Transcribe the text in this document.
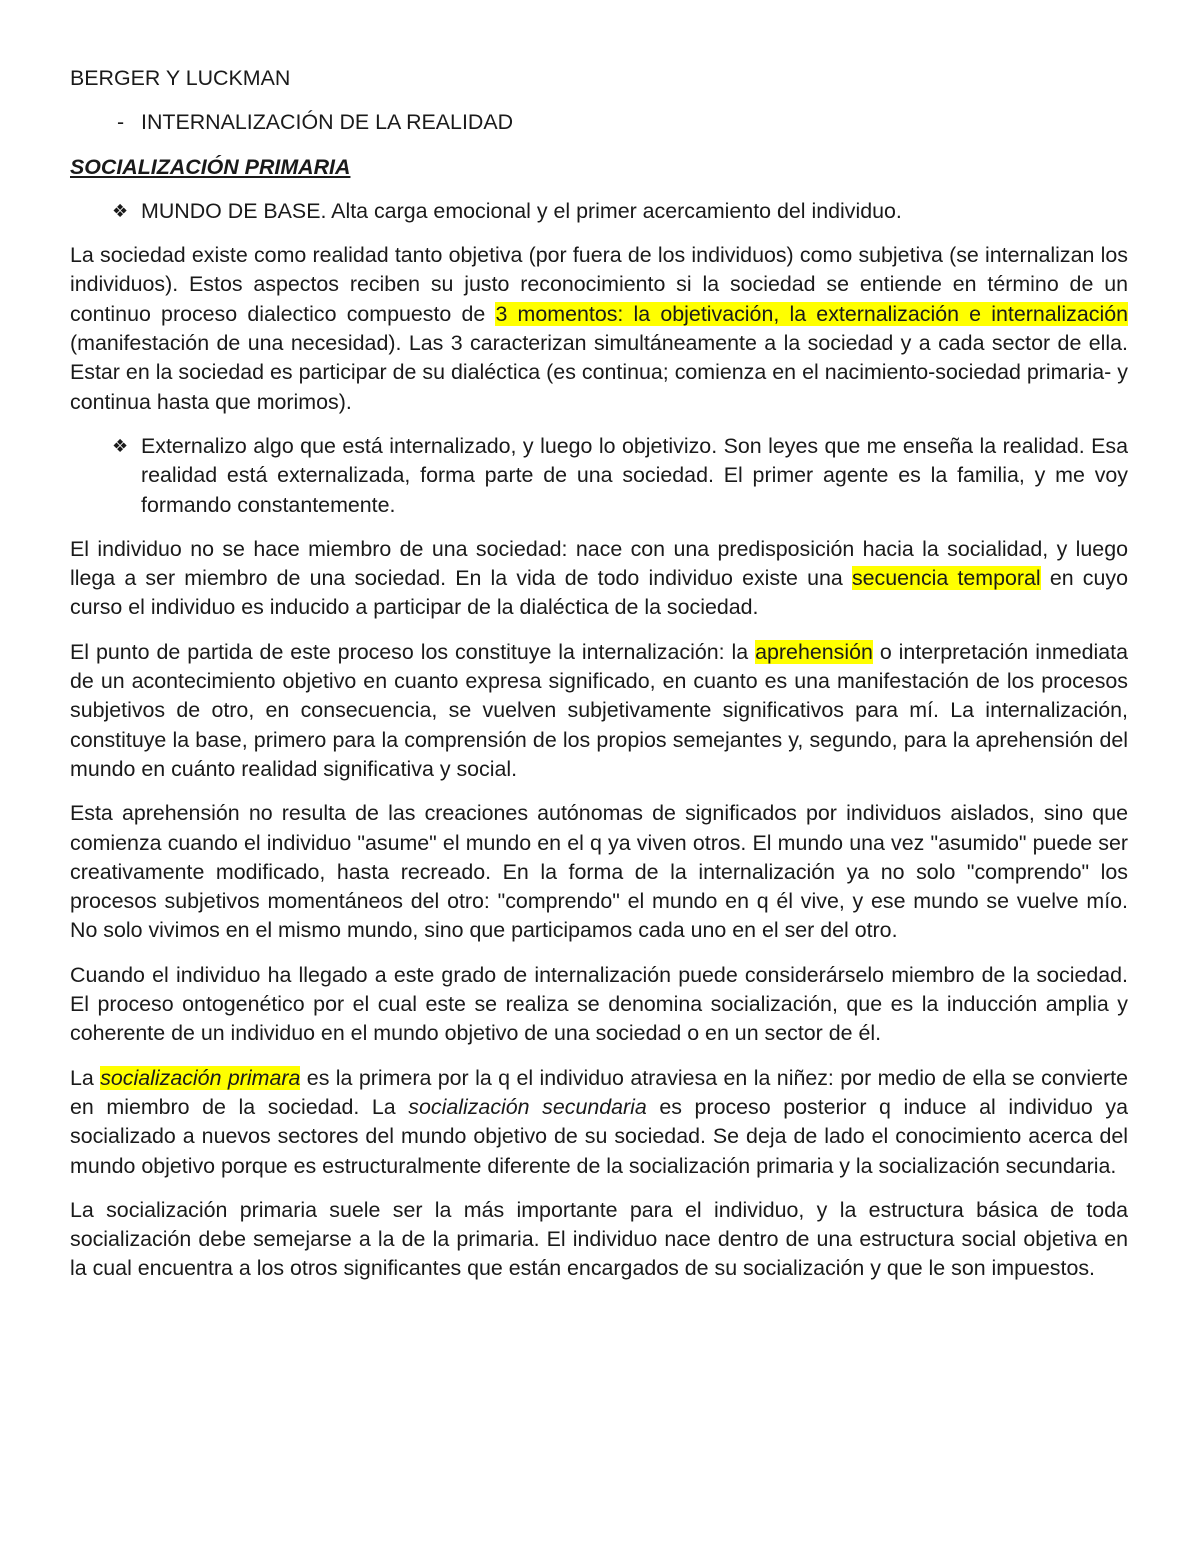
BERGER Y LUCKMAN

- INTERNALIZACIÓN DE LA REALIDAD

SOCIALIZACIÓN PRIMARIA

❖ MUNDO DE BASE. Alta carga emocional y el primer acercamiento del individuo.

La sociedad existe como realidad tanto objetiva (por fuera de los individuos) como subjetiva (se internalizan los individuos). Estos aspectos reciben su justo reconocimiento si la sociedad se entiende en término de un continuo proceso dialectico compuesto de 3 momentos: la objetivación, la externalización e internalización (manifestación de una necesidad). Las 3 caracterizan simultáneamente a la sociedad y a cada sector de ella. Estar en la sociedad es participar de su dialéctica (es continua; comienza en el nacimiento-sociedad primaria- y continua hasta que morimos).

❖ Externalizo algo que está internalizado, y luego lo objetivizo. Son leyes que me enseña la realidad. Esa realidad está externalizada, forma parte de una sociedad. El primer agente es la familia, y me voy formando constantemente.

El individuo no se hace miembro de una sociedad: nace con una predisposición hacia la socialidad, y luego llega a ser miembro de una sociedad. En la vida de todo individuo existe una secuencia temporal en cuyo curso el individuo es inducido a participar de la dialéctica de la sociedad.

El punto de partida de este proceso los constituye la internalización: la aprehensión o interpretación inmediata de un acontecimiento objetivo en cuanto expresa significado, en cuanto es una manifestación de los procesos subjetivos de otro, en consecuencia, se vuelven subjetivamente significativos para mí. La internalización, constituye la base, primero para la comprensión de los propios semejantes y, segundo, para la aprehensión del mundo en cuánto realidad significativa y social.

Esta aprehensión no resulta de las creaciones autónomas de significados por individuos aislados, sino que comienza cuando el individuo "asume" el mundo en el q ya viven otros. El mundo una vez "asumido" puede ser creativamente modificado, hasta recreado. En la forma de la internalización ya no solo "comprendo" los procesos subjetivos momentáneos del otro: "comprendo" el mundo en q él vive, y ese mundo se vuelve mío. No solo vivimos en el mismo mundo, sino que participamos cada uno en el ser del otro.

Cuando el individuo ha llegado a este grado de internalización puede considerárselo miembro de la sociedad. El proceso ontogenético por el cual este se realiza se denomina socialización, que es la inducción amplia y coherente de un individuo en el mundo objetivo de una sociedad o en un sector de él.

La socialización primara es la primera por la q el individuo atraviesa en la niñez: por medio de ella se convierte en miembro de la sociedad. La socialización secundaria es proceso posterior q induce al individuo ya socializado a nuevos sectores del mundo objetivo de su sociedad. Se deja de lado el conocimiento acerca del mundo objetivo porque es estructuralmente diferente de la socialización primaria y la socialización secundaria.

La socialización primaria suele ser la más importante para el individuo, y la estructura básica de toda socialización debe semejarse a la de la primaria. El individuo nace dentro de una estructura social objetiva en la cual encuentra a los otros significantes que están encargados de su socialización y que le son impuestos.
